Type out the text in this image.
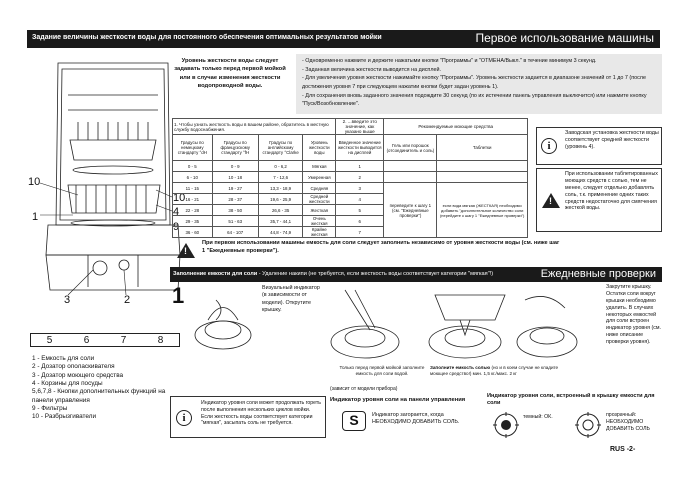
Задание величины жесткости воды для постоянного обеспечения оптимальных результатов мойки	Первое использование машины
10
1
3	2
4
9
10
5	6	7	8
1 - Емкость для соли
2 - Дозатор ополаскивателя
3 - Дозатор моющего средства
4 - Корзины для посуды
5,6,7,8 - Кнопки дополнительных функций на панели управления
9 - Фильтры
10 - Разбрызгиватели
Уровень жесткости воды следует задавать только перед первой мойкой или в случае изменения жесткости водопроводной воды.
- Одновременно нажмите и держите нажатыми кнопки "Программы" и "ОТМЕНА/Выкл." в течение минимум 3 секунд.
- Заданная величина жесткости выводится на дисплей.
- Для увеличения уровня жесткости нажимайте кнопку "Программы". Уровень жесткости задается в диапазоне значений от 1 до 7 (после достижения уровня 7 при следующем нажатии кнопки будет задан уровень 1).
- Для сохранения вновь заданного значения подождите 30 секунд (по их истечении панель управления выключится) или нажмите кнопку "Пуск/Возобновление".
1. Чтобы узнать жесткость воды в вашем районе, обратитесь в местную службу водоснабжения.				2. ...введите это значение, как указано выше	Рекомендуемые моющие средства	
Градусы по немецкому стандарту °dH	Градусы по французскому стандарту °fH	Градусы по английскому стандарту °Clarke	Уровень жесткости воды	Введенное значение жесткости выводится на дисплей	Гель или порошок (отсоединитель и соль)	Таблетки
0 - 5	0 - 9	0 - 6,2	Мягкая	1		
6 - 10	10 - 18	7 - 12,6	Умеренная	2		
11 - 15	19 - 27	13,3 - 18,9	Средняя	3	переведите к шагу 1 (см. "Ежедневные проверки")	если вода мягкая (ЖЕСТКАЯ) необходимо добавить "дополнительное количество соли (перейдите к шагу 1 "Ежедневные проверки")
16 - 21	28 - 37	19,6 - 25,9	Средней жесткости	4		
22 - 28	38 - 50	26,6 - 35	Жесткая	5		
29 - 35	51 - 63	35,7 - 44,1	Очень жесткая	6		
36 - 60	64 - 107	44,8 - 74,9	Крайне жесткая	7		
i
Заводская установка жесткости воды соответствует средней жесткости (уровень 4).
!
При использовании таблетированных моющих средств с солью, тем не менее, следует отдельно добавлять соль, т.к. применение одних таких средств недостаточно для смягчения жесткой воды.
!
При первом использовании машины емкость для соли следует заполнить независимо от уровня жесткости воды (см. ниже шаг 1 "Ежедневные проверки").
Заполнение емкости для соли - Удаление накипи (не требуется, если жесткость воды соответствует категории "мягкая"!)	Ежедневные проверки
1	Визуальный индикатор (в зависимости от модели). Открутите крышку.
Только перед первой мойкой заполните емкость для соли водой.
Заполните емкость солью (но и в коем случае не кладите моющее средство!) мин. 1,5 кг./макс. 2 кг
Закрутите крышку. Остатки соли вокруг крышки необходимо удалить. В случаях некоторых емкостей для соли встроен индикатор уровня (см. ниже описание проверки уровня).
(зависит от модели прибора)
i
Индикатор уровня соли может продолжать гореть после выполнения нескольких циклов мойки. Если жесткость воды соответствует категории "мягкая", засыпать соль не требуется.
Индикатор уровня соли на панели управления
S	Индикатор загорается, когда НЕОБХОДИМО ДОБАВИТЬ СОЛЬ.
Индикатор уровня соли, встроенный в крышку емкости для соли
темный: ОК.	прозрачный: НЕОБХОДИМО ДОБАВИТЬ СОЛЬ
RUS -2-
